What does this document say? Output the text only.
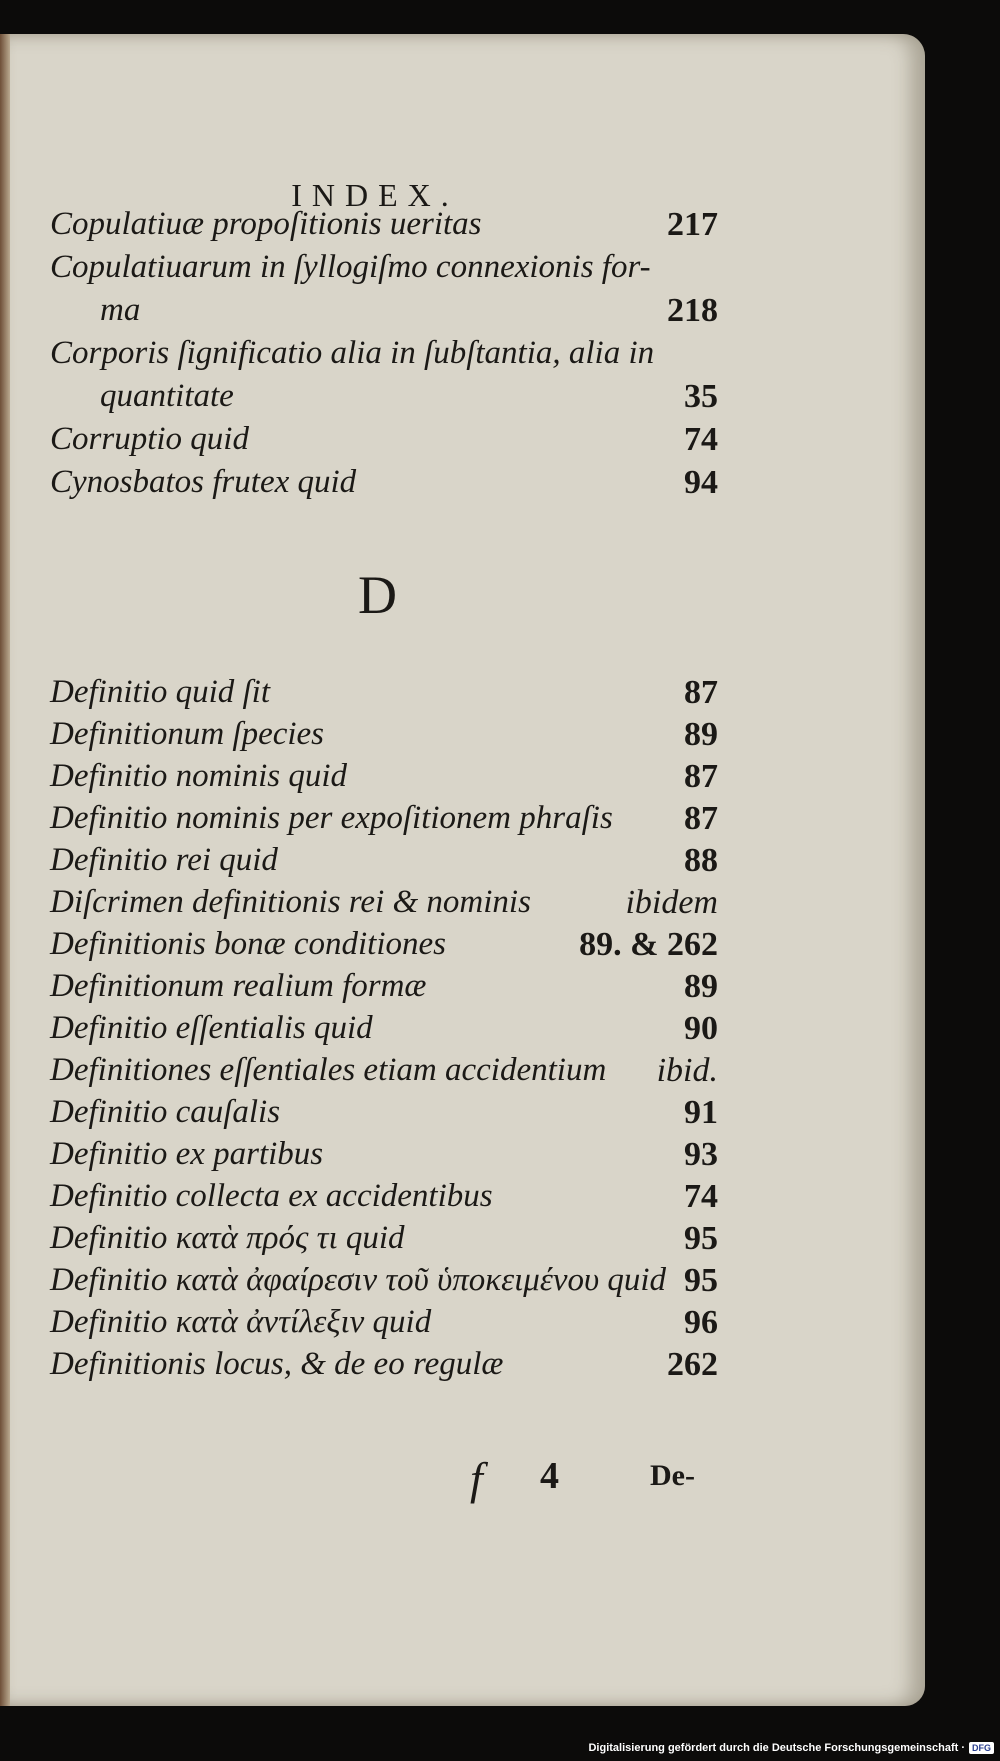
INDEX.
Copulatiuæ propoſitionis ueritas	217
Copulatiuarum in ſyllogiſmo connexionis for-
ma	218
Corporis ſignificatio alia in ſubſtantia, alia in
quantitate	35
Corruptio quid	74
Cynosbatos frutex quid	94
D
Definitio quid ſit	87
Definitionum ſpecies	89
Definitio nominis quid	87
Definitio nominis per expoſitionem phraſis 87
Definitio rei quid	88
Diſcrimen definitionis rei & nominis	ibidem
Definitionis bonæ conditiones	89. & 262
Definitionum realium formæ	89
Definitio eſſentialis quid	90
Definitiones eſſentiales etiam accidentium ibid.
Definitio cauſalis	91
Definitio ex partibus	93
Definitio collecta ex accidentibus	74
Definitio κατὰ πρός τι quid	95
Definitio κατὰ ἀφαίρεσιν τοῦ ὑποκειμένου quid 95
Definitio κατὰ ἀντίλεξιν quid	96
Definitionis locus, & de eo regulæ	262
f 4	De-
Digitalisierung gefördert durch die Deutsche Forschungsgemeinschaft · DFG
